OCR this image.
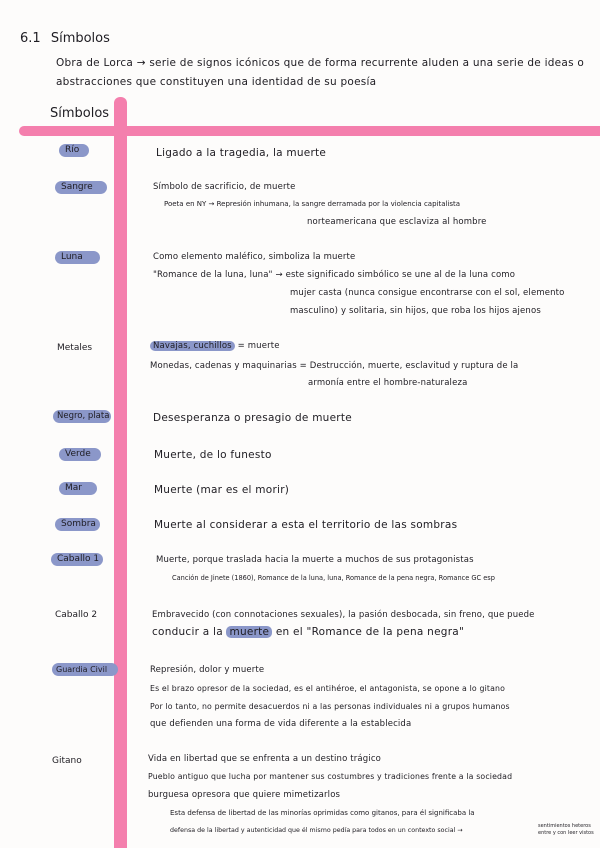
6.1 Símbolos
Obra de Lorca → serie de signos icónicos que de forma recurrente aluden a una serie de ideas o
abstracciones que constituyen una identidad de su poesía
Símbolos
Río	Ligado a la tragedia, la muerte
Sangre	Símbolo de sacrificio, de muerte
Poeta en NY → Represión inhumana, la sangre derramada por la violencia capitalista
norteamericana que esclaviza al hombre
Luna	Como elemento maléfico, simboliza la muerte
"Romance de la luna, luna" → este significado simbólico se une al de la luna como
mujer casta (nunca consigue encontrarse con el sol, elemento
masculino) y solitaria, sin hijos, que roba los hijos ajenos
Metales	Navajas, cuchillos = muerte
Monedas, cadenas y maquinarias = Destrucción, muerte, esclavitud y ruptura de la
armonía entre el hombre-naturaleza
Negro, plata	Desesperanza o presagio de muerte
Verde	Muerte, de lo funesto
Mar	Muerte (mar es el morir)
Sombra	Muerte al considerar a esta el territorio de las sombras
Caballo 1	Muerte, porque traslada hacia la muerte a muchos de sus protagonistas
Canción de Jinete (1860), Romance de la luna, luna, Romance de la pena negra, Romance GC esp
Caballo 2	Embravecido (con connotaciones sexuales), la pasión desbocada, sin freno, que puede
conducir a la muerte en el "Romance de la pena negra"
Guardia Civil	Represión, dolor y muerte
Es el brazo opresor de la sociedad, es el antihéroe, el antagonista, se opone a lo gitano
Por lo tanto, no permite desacuerdos ni a las personas individuales ni a grupos humanos
que defienden una forma de vida diferente a la establecida
Gitano	Vida en libertad que se enfrenta a un destino trágico
Pueblo antiguo que lucha por mantener sus costumbres y tradiciones frente a la sociedad
burguesa opresora que quiere mimetizarlos
Esta defensa de libertad de las minorías oprimidas como gitanos, para él significaba la
defensa de la libertad y autenticidad que él mismo pedía para todos en un contexto social →
sentimientos heteros
entre y con leer vistos
